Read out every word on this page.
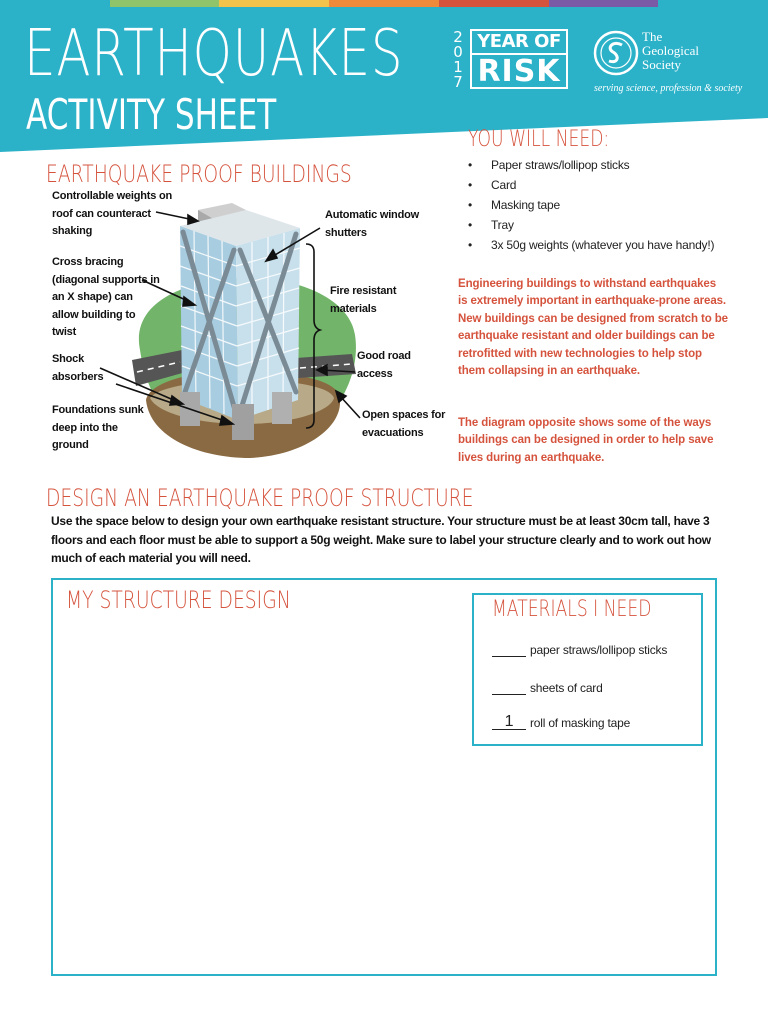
EARTHQUAKES
ACTIVITY SHEET
2
0
1
7
YEAR OF
RISK
The
Geological
Society
serving science, profession & society
YOU WILL NEED:
• Paper straws/lollipop sticks
• Card
• Masking tape
• Tray
• 3x 50g weights (whatever you have handy!)
EARTHQUAKE PROOF BUILDINGS
Controllable weights on roof can counteract shaking
Cross bracing (diagonal supports in an X shape) can allow building to twist
Shock absorbers
Foundations sunk deep into the ground
Automatic window shutters
Fire resistant materials
Good road access
Open spaces for evacuations

Engineering buildings to withstand earthquakes is extremely important in earthquake-prone areas. New buildings can be designed from scratch to be earthquake resistant and older buildings can be retrofitted with new technologies to help stop them collapsing in an earthquake.

The diagram opposite shows some of the ways buildings can be designed in order to help save lives during an earthquake.

DESIGN AN EARTHQUAKE PROOF STRUCTURE

Use the space below to design your own earthquake resistant structure. Your structure must be at least 30cm tall, have 3 floors and each floor must be able to support a 50g weight. Make sure to label your structure clearly and to work out how much of each material you will need.

MY STRUCTURE DESIGN	MATERIALS I NEED
paper straws/lollipop sticks
sheets of card
1 roll of masking tape
